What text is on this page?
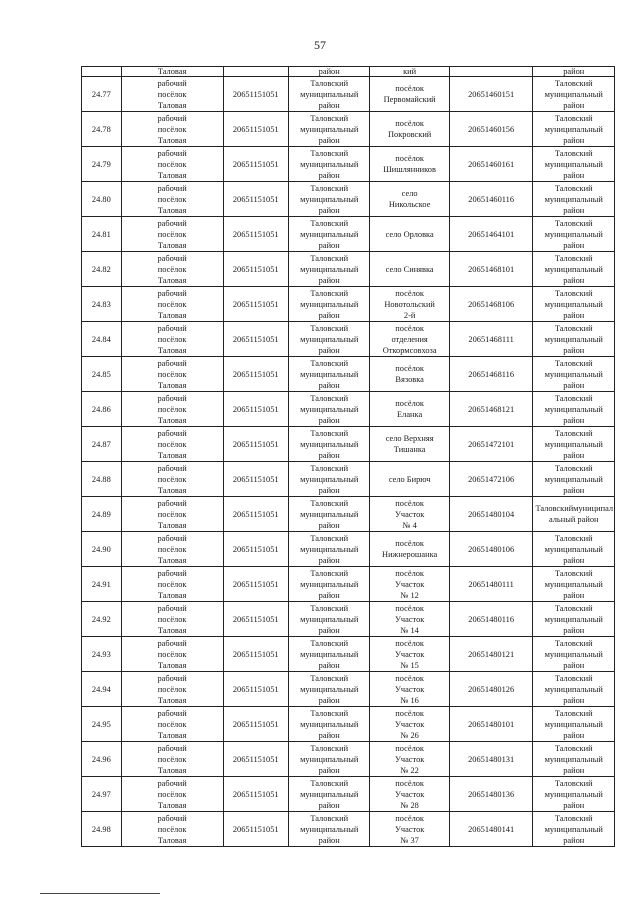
57
	Таловая		район	кий		район
24.77	рабочий
посёлок
Таловая	20651151051	Таловский
муниципальный
район	посёлок
Первомайский	20651460151	Таловский
муниципальный
район

24.78	рабочий
посёлок
Таловая	20651151051	Таловский
муниципальный
район	посёлок
Покровский	20651460156	Таловский
муниципальный
район

24.79	рабочий
посёлок
Таловая	20651151051	Таловский
муниципальный
район	посёлок
Шишлянников	20651460161	Таловский
муниципальный
район

24.80	рабочий
посёлок
Таловая	20651151051	Таловский
муниципальный
район	село
Никольское	20651460116	Таловский
муниципальный
район

24.81	рабочий
посёлок
Таловая	20651151051	Таловский
муниципальный
район	село Орловка	20651464101	Таловский
муниципальный
район

24.82	рабочий
посёлок
Таловая	20651151051	Таловский
муниципальный
район	село Синявка	20651468101	Таловский
муниципальный
район

24.83	рабочий
посёлок
Таловая	20651151051	Таловский
муниципальный
район	посёлок
Новотольский
2-й	20651468106	Таловский
муниципальный
район

24.84	рабочий
посёлок
Таловая	20651151051	Таловский
муниципальный
район	посёлок
отделения
Откормсовхоза	20651468111	Таловский
муниципальный
район

24.85	рабочий
посёлок
Таловая	20651151051	Таловский
муниципальный
район	посёлок
Вязовка	20651468116	Таловский
муниципальный
район

24.86	рабочий
посёлок
Таловая	20651151051	Таловский
муниципальный
район	посёлок
Еланка	20651468121	Таловский
муниципальный
район

24.87	рабочий
посёлок
Таловая	20651151051	Таловский
муниципальный
район	село Верхняя
Тишанка	20651472101	Таловский
муниципальный
район

24.88	рабочий
посёлок
Таловая	20651151051	Таловский
муниципальный
район	село Бирюч	20651472106	Таловский
муниципальный
район

24.89	рабочий
посёлок
Таловая	20651151051	Таловский
муниципальный
район	посёлок
Участок
№ 4	20651480104	Таловскиймуниципал
альный район

24.90	рабочий
посёлок
Таловая	20651151051	Таловский
муниципальный
район	посёлок
Нижнерошанка	20651480106	Таловский
муниципальный
район

24.91	рабочий
посёлок
Таловая	20651151051	Таловский
муниципальный
район	посёлок
Участок
№ 12	20651480111	Таловский
муниципальный
район

24.92	рабочий
посёлок
Таловая	20651151051	Таловский
муниципальный
район	посёлок
Участок
№ 14	20651480116	Таловский
муниципальный
район

24.93	рабочий
посёлок
Таловая	20651151051	Таловский
муниципальный
район	посёлок
Участок
№ 15	20651480121	Таловский
муниципальный
район

24.94	рабочий
посёлок
Таловая	20651151051	Таловский
муниципальный
район	посёлок
Участок
№ 16	20651480126	Таловский
муниципальный
район

24.95	рабочий
посёлок
Таловая	20651151051	Таловский
муниципальный
район	посёлок
Участок
№ 26	20651480101	Таловский
муниципальный
район

24.96	рабочий
посёлок
Таловая	20651151051	Таловский
муниципальный
район	посёлок
Участок
№ 22	20651480131	Таловский
муниципальный
район

24.97	рабочий
посёлок
Таловая	20651151051	Таловский
муниципальный
район	посёлок
Участок
№ 28	20651480136	Таловский
муниципальный
район

24.98	рабочий
посёлок
Таловая	20651151051	Таловский
муниципальный
район	посёлок
Участок
№ 37	20651480141	Таловский
муниципальный
район
